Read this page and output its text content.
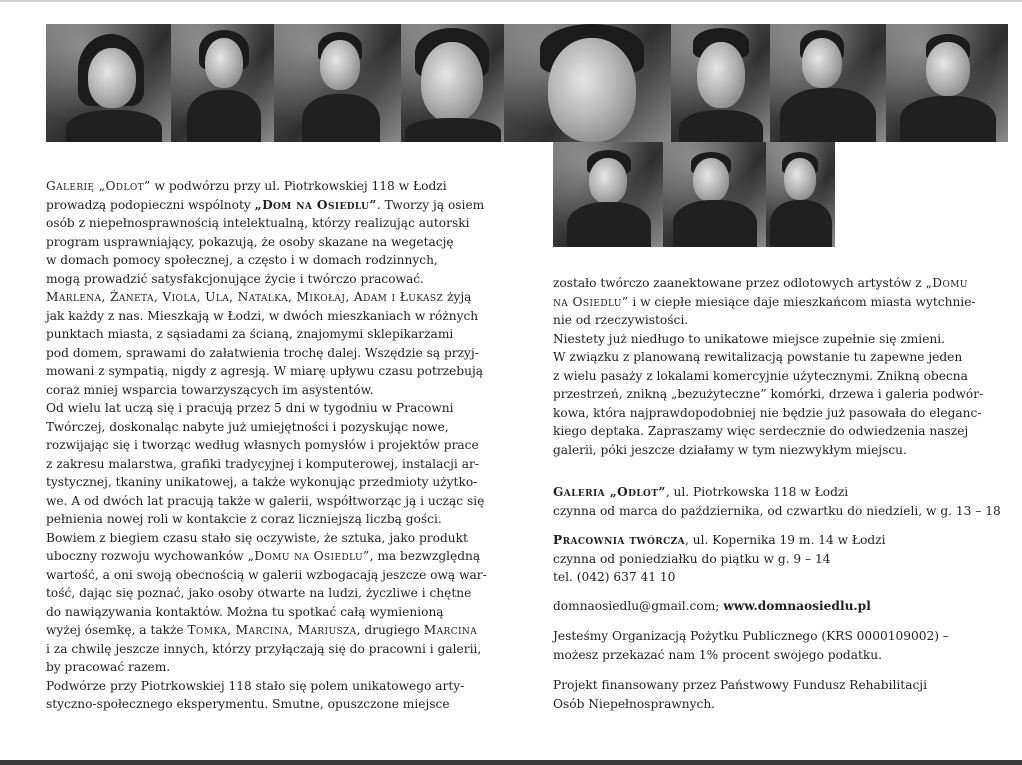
Galerię „Odlot” w podwórzu przy ul. Piotrkowskiej 118 w Łodzi

prowadzą podopieczni wspólnoty „Dom na Osiedlu”. Tworzy ją osiem

osób z niepełnosprawnością intelektualną, którzy realizując autorski

program usprawniający, pokazują, że osoby skazane na wegetację

w domach pomocy społecznej, a często i w domach rodzinnych,

mogą prowadzić satysfakcjonujące życie i twórczo pracować.

Marlena, Żaneta, Viola, Ula, Natalka, Mikołaj, Adam i Łukasz żyją

jak każdy z nas. Mieszkają w Łodzi, w dwóch mieszkaniach w różnych

punktach miasta, z sąsiadami za ścianą, znajomymi sklepikarzami

pod domem, sprawami do załatwienia trochę dalej. Wszędzie są przyj-

mowani z sympatią, nigdy z agresją. W miarę upływu czasu potrzebują

coraz mniej wsparcia towarzyszących im asystentów.

Od wielu lat uczą się i pracują przez 5 dni w tygodniu w Pracowni

Twórczej, doskonaląc nabyte już umiejętności i pozyskując nowe,

rozwijając się i tworząc według własnych pomysłów i projektów prace

z zakresu malarstwa, grafiki tradycyjnej i komputerowej, instalacji ar-

tystycznej, tkaniny unikatowej, a także wykonując przedmioty użytko-

we. A od dwóch lat pracują także w galerii, współtworząc ją i ucząc się

pełnienia nowej roli w kontakcie z coraz liczniejszą liczbą gości.

Bowiem z biegiem czasu stało się oczywiste, że sztuka, jako produkt

uboczny rozwoju wychowanków „Domu na Osiedlu”, ma bezwzględną

wartość, a oni swoją obecnością w galerii wzbogacają jeszcze ową war-

tość, dając się poznać, jako osoby otwarte na ludzi, życzliwe i chętne

do nawiązywania kontaktów. Można tu spotkać całą wymienioną

wyżej ósemkę, a także Tomka, Marcina, Mariusza, drugiego Marcina

i za chwilę jeszcze innych, którzy przyłączają się do pracowni i galerii,

by pracować razem.

Podwórze przy Piotrkowskiej 118 stało się polem unikatowego arty-

styczno-społecznego eksperymentu. Smutne, opuszczone miejsce

zostało twórczo zaanektowane przez odlotowych artystów z „Domu

na Osiedlu” i w ciepłe miesiące daje mieszkańcom miasta wytchnie-

nie od rzeczywistości.

Niestety już niedługo to unikatowe miejsce zupełnie się zmieni.

W związku z planowaną rewitalizacją powstanie tu zapewne jeden

z wielu pasaży z lokalami komercyjnie użytecznymi. Znikną obecna

przestrzeń, znikną „bezużyteczne” komórki, drzewa i galeria podwór-

kowa, która najprawdopodobniej nie będzie już pasowała do eleganc-

kiego deptaka. Zapraszamy więc serdecznie do odwiedzenia naszej

galerii, póki jeszcze działamy w tym niezwykłym miejscu.

Galeria „Odlot”, ul. Piotrkowska 118 w Łodzi

czynna od marca do października, od czwartku do niedzieli, w g. 13 – 18

Pracownia twórcza, ul. Kopernika 19 m. 14 w Łodzi

czynna od poniedziałku do piątku w g. 9 – 14

tel. (042) 637 41 10

domnaosiedlu@gmail.com; www.domnaosiedlu.pl

Jesteśmy Organizacją Pożytku Publicznego (KRS 0000109002) –

możesz przekazać nam 1% procent swojego podatku.

Projekt finansowany przez Państwowy Fundusz Rehabilitacji

Osób Niepełnosprawnych.
